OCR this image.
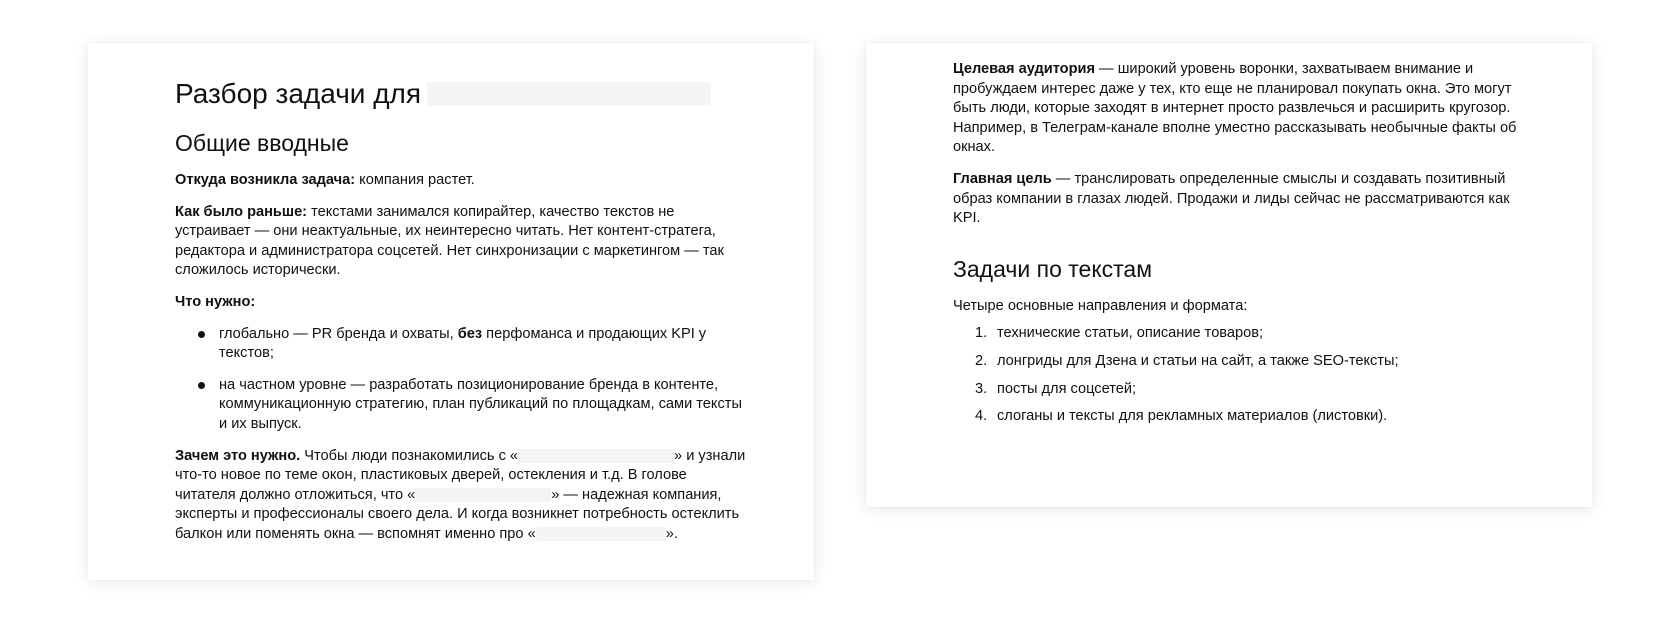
Разбор задачи для
Общие вводные

Откуда возникла задача: компания растет.

Как было раньше: текстами занимался копирайтер, качество текстов не устраивает — они неактуальные, их неинтересно читать. Нет контент-стратега, редактора и администратора соцсетей. Нет синхронизации с маркетингом — так сложилось исторически.

Что нужно:

глобально — PR бренда и охваты, без перфоманса и продающих KPI у текстов;
на частном уровне — разработать позиционирование бренда в контенте, коммуникационную стратегию, план публикаций по площадкам, сами тексты и их выпуск.

Зачем это нужно. Чтобы люди познакомились с «	» и узнали что-то новое по теме окон, пластиковых дверей, остекления и т.д. В голове читателя должно отложиться, что «	» — надежная компания, эксперты и профессионалы своего дела. И когда возникнет потребность остеклить балкон или поменять окна — вспомнят именно про «	».

Целевая аудитория — широкий уровень воронки, захватываем внимание и пробуждаем интерес даже у тех, кто еще не планировал покупать окна. Это могут быть люди, которые заходят в интернет просто развлечься и расширить кругозор. Например, в Телеграм-канале вполне уместно рассказывать необычные факты об окнах.

Главная цель — транслировать определенные смыслы и создавать позитивный образ компании в глазах людей. Продажи и лиды сейчас не рассматриваются как KPI.

Задачи по текстам

Четыре основные направления и формата:

1. технические статьи, описание товаров;
2. лонгриды для Дзена и статьи на сайт, а также SEO-тексты;
3. посты для соцсетей;
4. слоганы и тексты для рекламных материалов (листовки).
